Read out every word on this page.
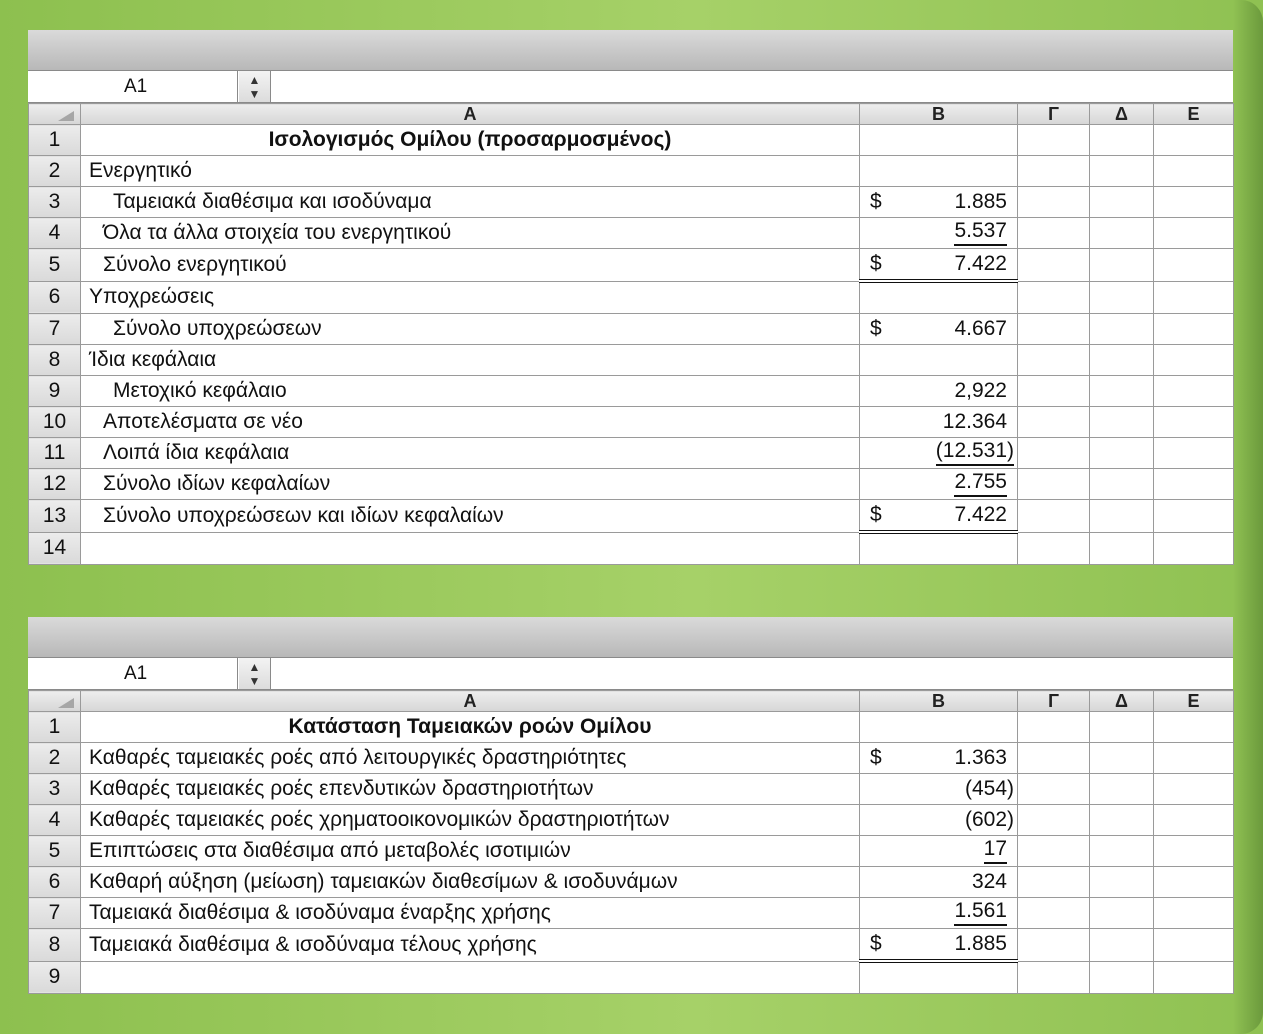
A1	▲
▼
	A	B	Γ	Δ	Ε
1	Ισολογισμός Ομίλου (προσαρμοσμένος)				
2	Ενεργητικό				
3	Ταμειακά διαθέσιμα και ισοδύναμα	$ 1.885			

4	Όλα τα άλλα στοιχεία του ενεργητικού	5.537			

5	Σύνολο ενεργητικού	$ 7.422			

6	Υποχρεώσεις				
7	Σύνολο υποχρεώσεων	$ 4.667			

8	Ίδια κεφάλαια				
9	Μετοχικό κεφάλαιο	2,922			

10	Αποτελέσματα σε νέο	12.364			

11	Λοιπά ίδια κεφάλαια	(12.531)			

12	Σύνολο ιδίων κεφαλαίων	2.755			

13	Σύνολο υποχρεώσεων και ιδίων κεφαλαίων	$ 7.422			

14					
A1	▲
▼
	A	B	Γ	Δ	Ε
1	Κατάσταση Ταμειακών ροών Ομίλου				
2	Καθαρές ταμειακές ροές από λειτουργικές δραστηριότητες	$ 1.363			

3	Καθαρές ταμειακές ροές επενδυτικών δραστηριοτήτων	(454)			

4	Καθαρές ταμειακές ροές χρηματοοικονομικών δραστηριοτήτων	(602)			

5	Επιπτώσεις στα διαθέσιμα από μεταβολές ισοτιμιών	17			

6	Καθαρή αύξηση (μείωση) ταμειακών διαθεσίμων & ισοδυνάμων	324			

7	Ταμειακά διαθέσιμα & ισοδύναμα έναρξης χρήσης	1.561			

8	Ταμειακά διαθέσιμα & ισοδύναμα τέλους χρήσης	$ 1.885			

9					
